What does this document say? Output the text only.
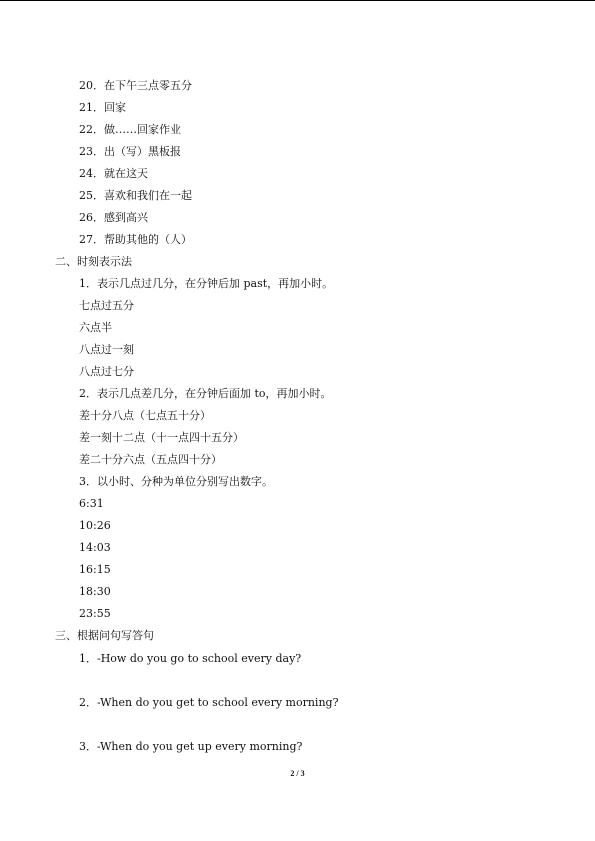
20．在下午三点零五分
21．回家
22．做……回家作业
23．出（写）黑板报
24．就在这天
25．喜欢和我们在一起
26．感到高兴
27．帮助其他的（人）
二、时刻表示法
1．表示几点过几分，在分钟后加 past，再加小时。
七点过五分
六点半
八点过一刻
八点过七分
2．表示几点差几分，在分钟后面加 to，再加小时。
差十分八点（七点五十分）
差一刻十二点（十一点四十五分）
差二十分六点（五点四十分）
3．以小时、分种为单位分别写出数字。
6:31
10:26
14:03
16:15
18:30
23:55
三、根据问句写答句
1．-How do you go to school every day?
2．-When do you get to school every morning?
3．-When do you get up every morning?
2 / 3
